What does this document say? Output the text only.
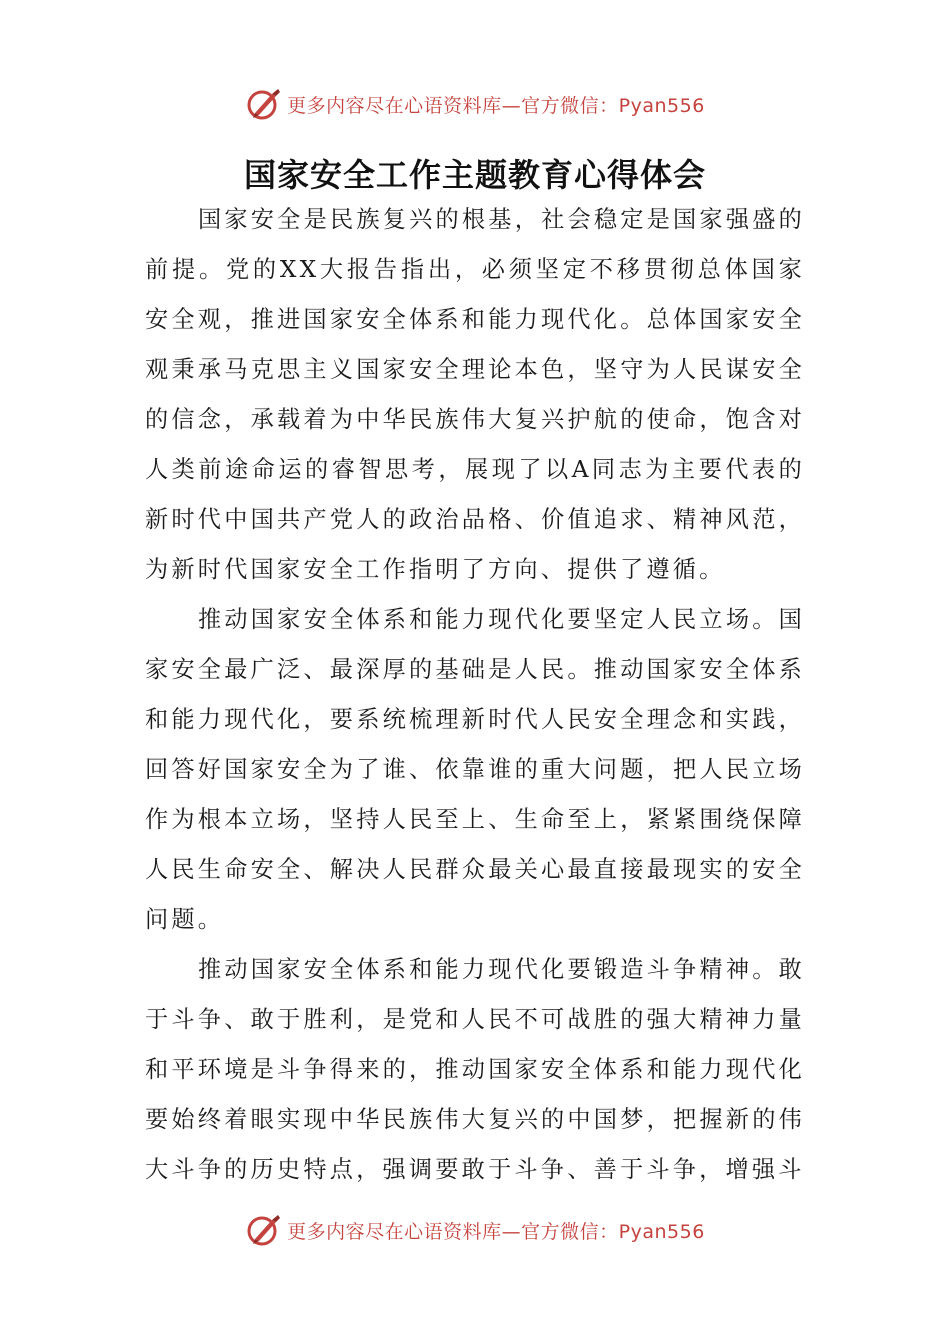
更多内容尽在心语资料库—官方微信：Pyan556
国家安全工作主题教育心得体会

国家安全是民族复兴的根基，社会稳定是国家强盛的前提。党的XX大报告指出，必须坚定不移贯彻总体国家安全观，推进国家安全体系和能力现代化。总体国家安全观秉承马克思主义国家安全理论本色，坚守为人民谋安全的信念，承载着为中华民族伟大复兴护航的使命，饱含对人类前途命运的睿智思考，展现了以A同志为主要代表的新时代中国共产党人的政治品格、价值追求、精神风范，为新时代国家安全工作指明了方向、提供了遵循。

推动国家安全体系和能力现代化要坚定人民立场。国家安全最广泛、最深厚的基础是人民。推动国家安全体系和能力现代化，要系统梳理新时代人民安全理念和实践，回答好国家安全为了谁、依靠谁的重大问题，把人民立场作为根本立场，坚持人民至上、生命至上，紧紧围绕保障人民生命安全、解决人民群众最关心最直接最现实的安全问题。

推动国家安全体系和能力现代化要锻造斗争精神。敢于斗争、敢于胜利，是党和人民不可战胜的强大精神力量和平环境是斗争得来的，推动国家安全体系和能力现代化要始终着眼实现中华民族伟大复兴的中国梦，把握新的伟大斗争的历史特点，强调要敢于斗争、善于斗争，增强斗

更多内容尽在心语资料库—官方微信：Pyan556
